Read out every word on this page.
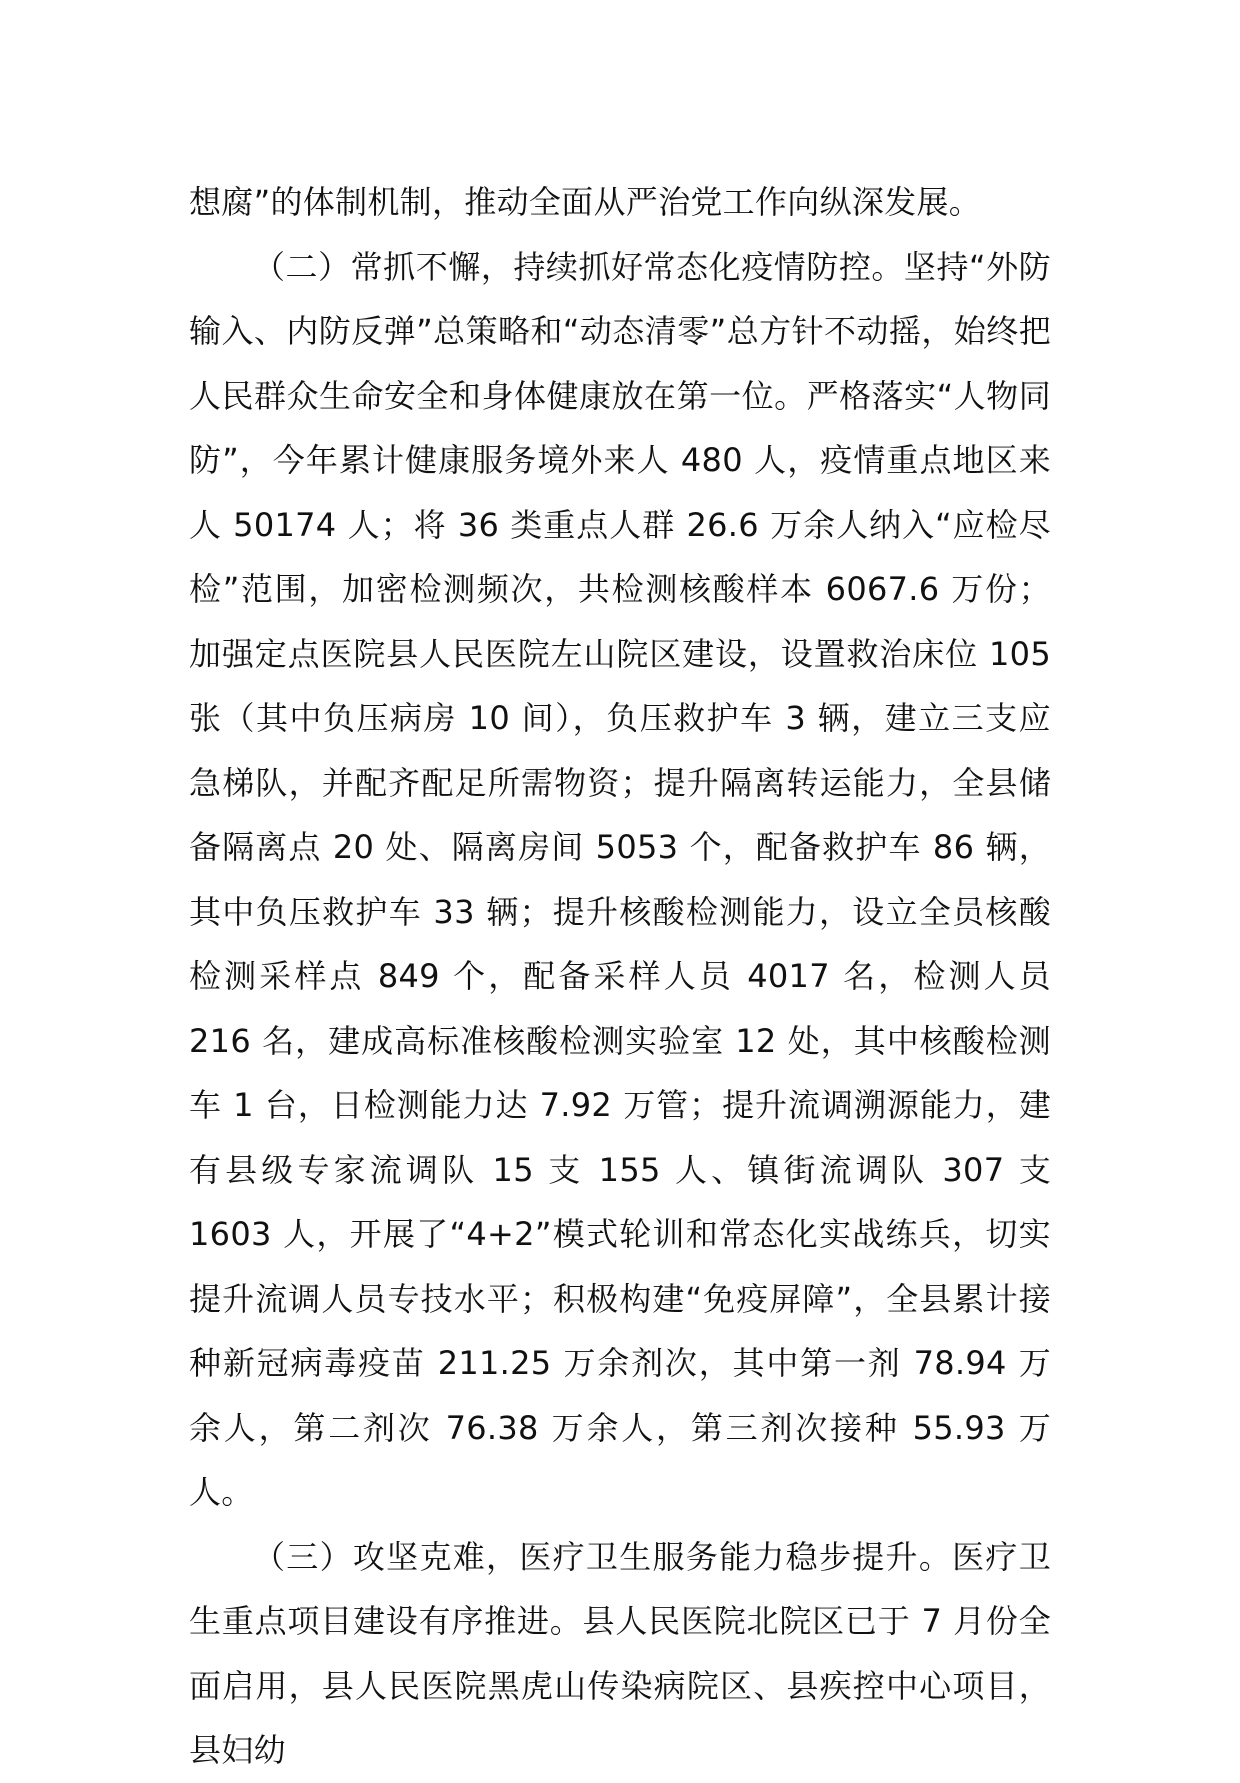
想腐”的体制机制，推动全面从严治党工作向纵深发展。

（二）常抓不懈，持续抓好常态化疫情防控。坚持“外防输入、内防反弹”总策略和“动态清零”总方针不动摇，始终把人民群众生命安全和身体健康放在第一位。严格落实“人物同防”，今年累计健康服务境外来人 480 人，疫情重点地区来人 50174 人；将 36 类重点人群 26.6 万余人纳入“应检尽检”范围，加密检测频次，共检测核酸样本 6067.6 万份；加强定点医院县人民医院左山院区建设，设置救治床位 105 张（其中负压病房 10 间），负压救护车 3 辆，建立三支应急梯队，并配齐配足所需物资；提升隔离转运能力，全县储备隔离点 20 处、隔离房间 5053 个，配备救护车 86 辆，其中负压救护车 33 辆；提升核酸检测能力，设立全员核酸检测采样点 849 个，配备采样人员 4017 名，检测人员 216 名，建成高标准核酸检测实验室 12 处，其中核酸检测车 1 台，日检测能力达 7.92 万管；提升流调溯源能力，建有县级专家流调队 15 支 155 人、镇街流调队 307 支 1603 人，开展了“4+2”模式轮训和常态化实战练兵，切实提升流调人员专技水平；积极构建“免疫屏障”，全县累计接种新冠病毒疫苗 211.25 万余剂次，其中第一剂 78.94 万余人，第二剂次 76.38 万余人，第三剂次接种 55.93 万人。

（三）攻坚克难，医疗卫生服务能力稳步提升。医疗卫生重点项目建设有序推进。县人民医院北院区已于 7 月份全面启用，县人民医院黑虎山传染病院区、县疾控中心项目，县妇幼
